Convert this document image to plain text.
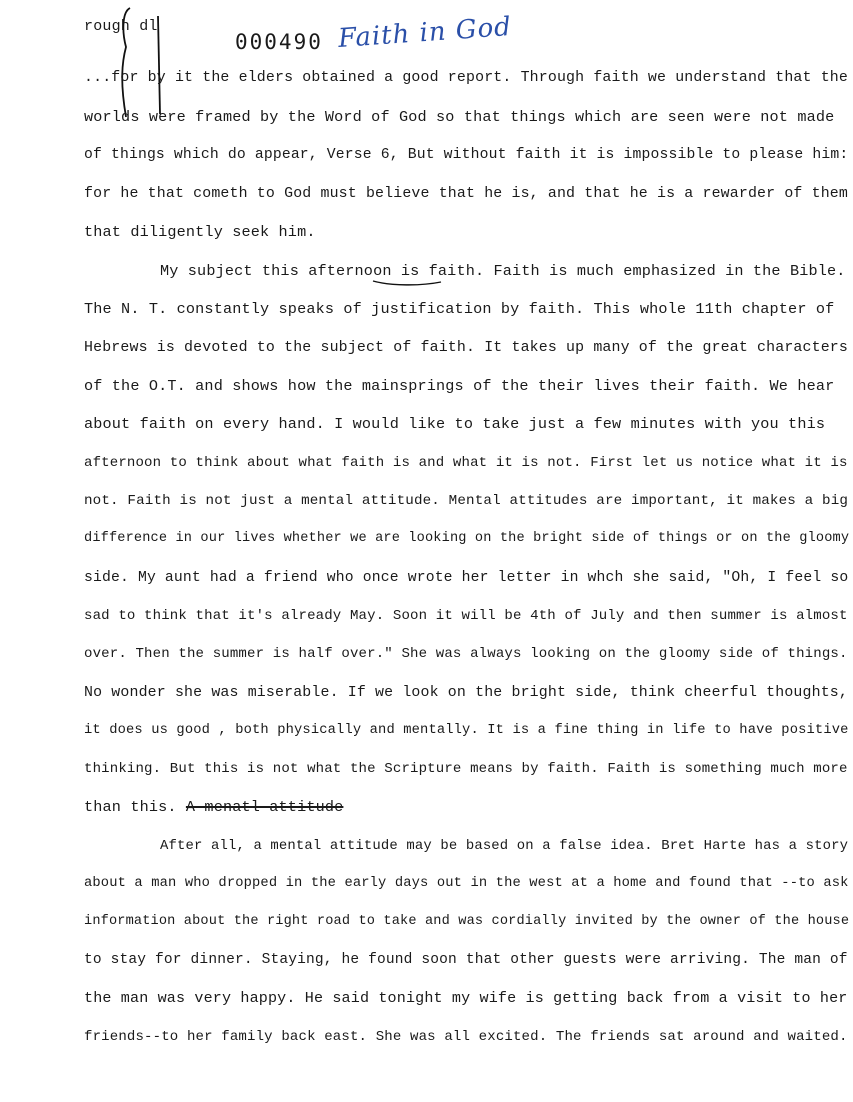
rough dl
000490 Faith in God
...for by it the elders obtained a good report. Through faith we understand that the
worlds were framed by the Word of God so that things which are seen were not made
of things which do appear, Verse 6, But without faith it is impossible to please him:
for he that cometh to God must believe that he is, and that he is a rewarder of them
that diligently seek him.
My subject this afternoon is faith. Faith is much emphasized in the Bible.
The N. T. constantly speaks of justification by faith. This whole 11th chapter of
Hebrews is devoted to the subject of faith. It takes up many of the great characters
of the O.T. and shows how the mainsprings of the their lives their faith. We hear
about faith on every hand. I would like to take just a few minutes with you this
afternoon to think about what faith is and what it is not. First let us notice what it is
not. Faith is not just a mental attitude. Mental attitudes are important, it makes a big
difference in our lives whether we are looking on the bright side of things or on the gloomy
side. My aunt had a friend who once wrote her letter in whch she said, "Oh, I feel so
sad to think that it's already May. Soon it will be 4th of July and then summer is almost
over. Then the summer is half over." She was always looking on the gloomy side of things.
No wonder she was miserable. If we look on the bright side, think cheerful thoughts,
it does us good , both physically and mentally. It is a fine thing in life to have positive
thinking. But this is not what the Scripture means by faith. Faith is something much more
than this. A menatl attitude
After all, a mental attitude may be based on a false idea. Bret Harte has a story
about a man who dropped in the early days out in the west at a home and found that --to ask
information about the right road to take and was cordially invited by the owner of the house
to stay for dinner. Staying, he found soon that other guests were arriving. The man of
the man was very happy. He said tonight my wife is getting back from a visit to her
friends--to her family back east. She was all excited. The friends sat around and waited.
